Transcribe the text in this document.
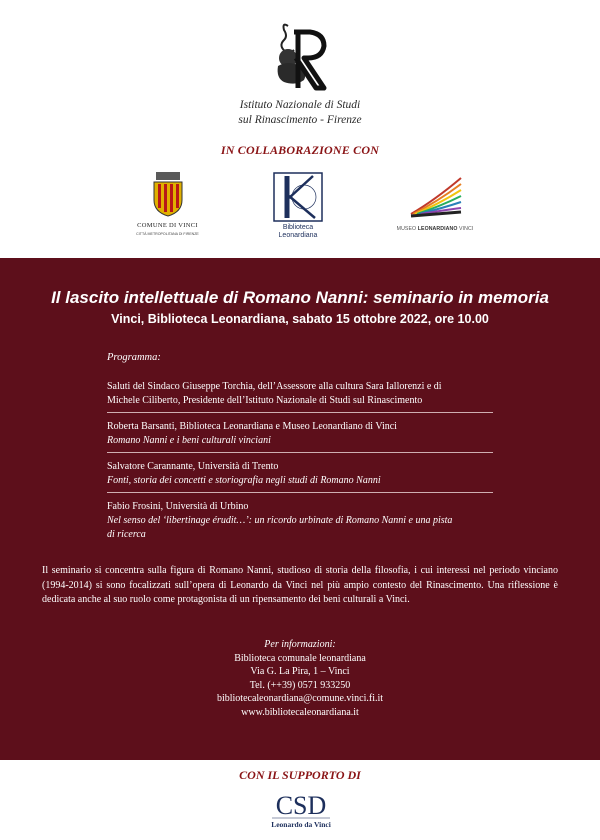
Istituto Nazionale di Studi
sul Rinascimento - Firenze
IN COLLABORAZIONE CON
COMUNE DI VINCI
CITTÀ METROPOLITANA DI FIRENZE
Biblioteca
Leonardiana
MUSEO LEONARDIANO VINCI
Il lascito intellettuale di Romano Nanni: seminario in memoria
Vinci, Biblioteca Leonardiana, sabato 15 ottobre 2022, ore 10.00
Programma:
Saluti del Sindaco Giuseppe Torchia, dell’Assessore alla cultura Sara Iallorenzi e di
Michele Ciliberto, Presidente dell’Istituto Nazionale di Studi sul Rinascimento
Roberta Barsanti, Biblioteca Leonardiana e Museo Leonardiano di Vinci
Romano Nanni e i beni culturali vinciani
Salvatore Carannante, Università di Trento
Fonti, storia dei concetti e storiografia negli studi di Romano Nanni
Fabio Frosini, Università di Urbino
Nel senso del ‘libertinage érudit…’: un ricordo urbinate di Romano Nanni e una pista
di ricerca
Il seminario si concentra sulla figura di Romano Nanni, studioso di storia della filosofia, i cui interessi nel periodo vinciano (1994-2014) si sono focalizzati sull’opera di Leonardo da Vinci nel più ampio contesto del Rinascimento. Una riflessione è dedicata anche al suo ruolo come protagonista di un ripensamento dei beni culturali a Vinci.
Per informazioni:
Biblioteca comunale leonardiana
Via G. La Pira, 1 – Vinci
Tel. (++39) 0571 933250
bibliotecaleonardiana@comune.vinci.fi.it
www.bibliotecaleonardiana.it
CON IL SUPPORTO DI
CSD
Leonardo da Vinci
